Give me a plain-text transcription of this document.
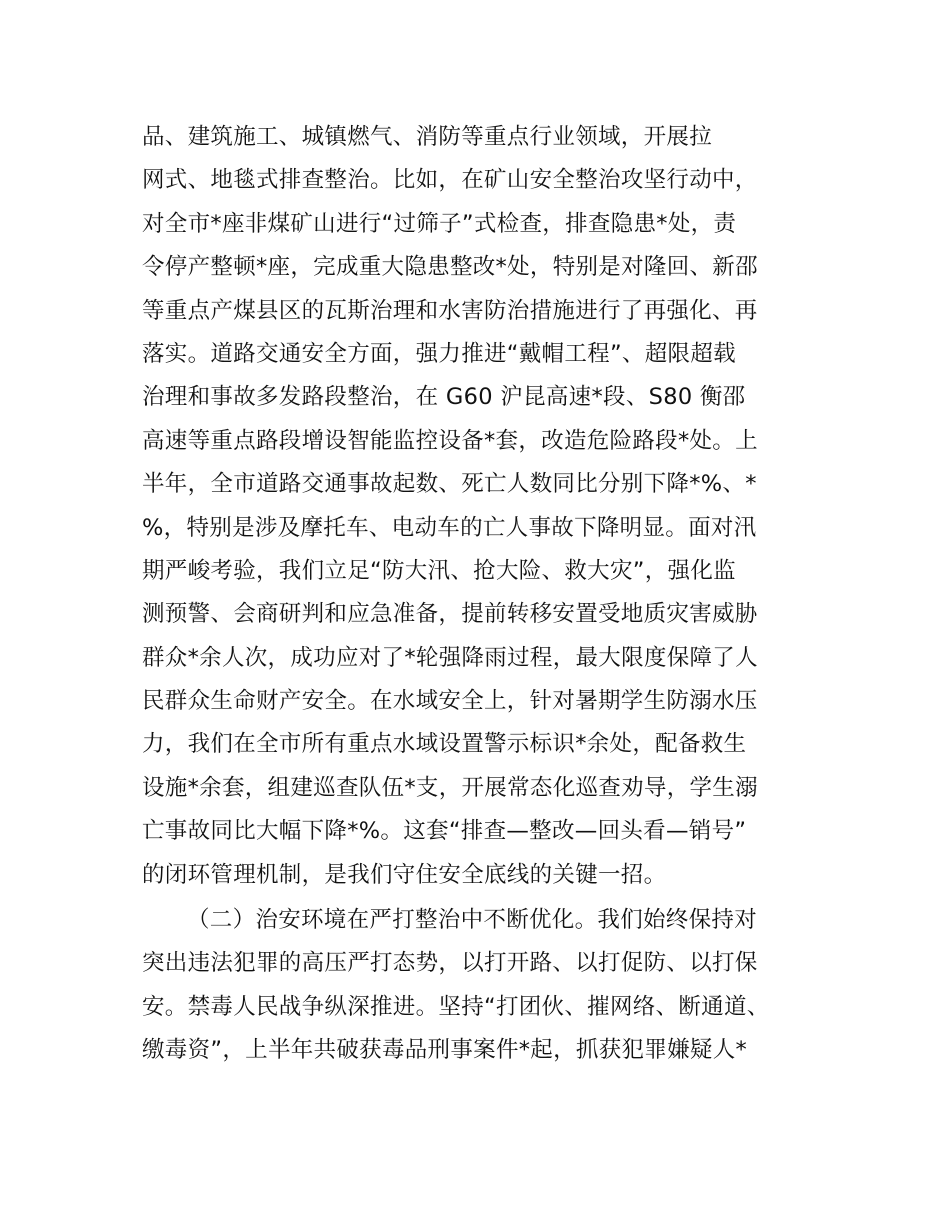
品、建筑施工、城镇燃气、消防等重点行业领域，开展拉
网式、地毯式排查整治。比如，在矿山安全整治攻坚行动中，
对全市*座非煤矿山进行“过筛子”式检查，排查隐患*处，责
令停产整顿*座，完成重大隐患整改*处，特别是对隆回、新邵
等重点产煤县区的瓦斯治理和水害防治措施进行了再强化、再
落实。道路交通安全方面，强力推进“戴帽工程”、超限超载
治理和事故多发路段整治，在 G60 沪昆高速*段、S80 衡邵
高速等重点路段增设智能监控设备*套，改造危险路段*处。上
半年，全市道路交通事故起数、死亡人数同比分别下降*%、*
%，特别是涉及摩托车、电动车的亡人事故下降明显。面对汛
期严峻考验，我们立足“防大汛、抢大险、救大灾”，强化监
测预警、会商研判和应急准备，提前转移安置受地质灾害威胁
群众*余人次，成功应对了*轮强降雨过程，最大限度保障了人
民群众生命财产安全。在水域安全上，针对暑期学生防溺水压
力，我们在全市所有重点水域设置警示标识*余处，配备救生
设施*余套，组建巡查队伍*支，开展常态化巡查劝导，学生溺
亡事故同比大幅下降*%。这套“排查—整改—回头看—销号”
的闭环管理机制，是我们守住安全底线的关键一招。
（二）治安环境在严打整治中不断优化。我们始终保持对
突出违法犯罪的高压严打态势，以打开路、以打促防、以打保
安。禁毒人民战争纵深推进。坚持“打团伙、摧网络、断通道、
缴毒资”，上半年共破获毒品刑事案件*起，抓获犯罪嫌疑人*
